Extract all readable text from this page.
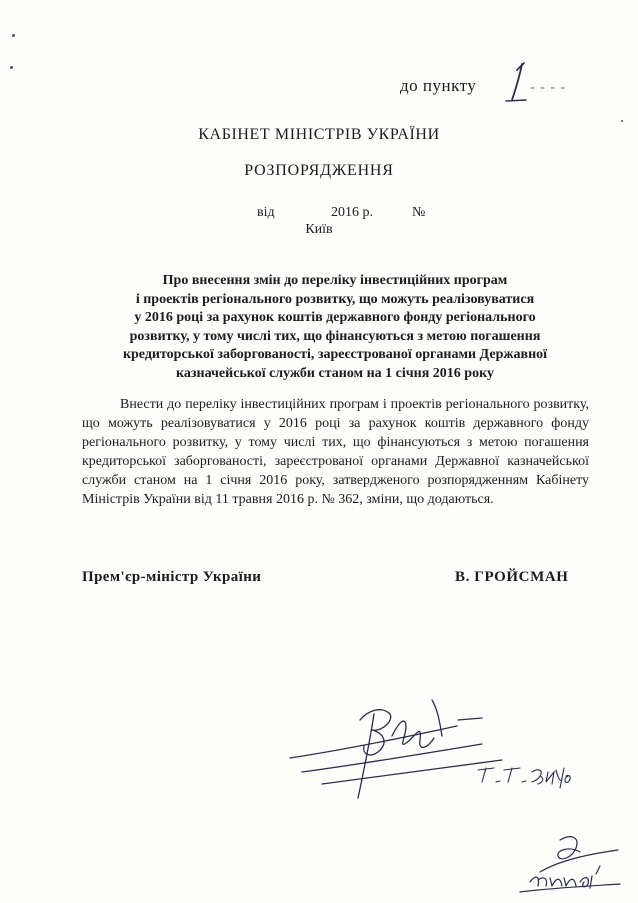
до пункту	- - - -
КАБІНЕТ МІНІСТРІВ УКРАЇНИ
РОЗПОРЯДЖЕННЯ
від	2016 р.	№
Київ
Про внесення змін до переліку інвестиційних програм
і проектів регіонального розвитку, що можуть реалізовуватися
у 2016 році за рахунок коштів державного фонду регіонального
розвитку, у тому числі тих, що фінансуються з метою погашення
кредиторської заборгованості, зареєстрованої органами Державної
казначейської служби станом на 1 січня 2016 року
Внести до переліку інвестиційних програм і проектів регіонального розвитку, що можуть реалізовуватися у 2016 році за рахунок коштів державного фонду регіонального розвитку, у тому числі тих, що фінансуються з метою погашення кредиторської заборгованості, зареєстрованої органами Державної казначейської служби станом на 1 січня 2016 року, затвердженого розпорядженням Кабінету Міністрів України від 11 травня 2016 р. № 362, зміни, що додаються.
Прем'єр-міністр України	В. ГРОЙСМАН
